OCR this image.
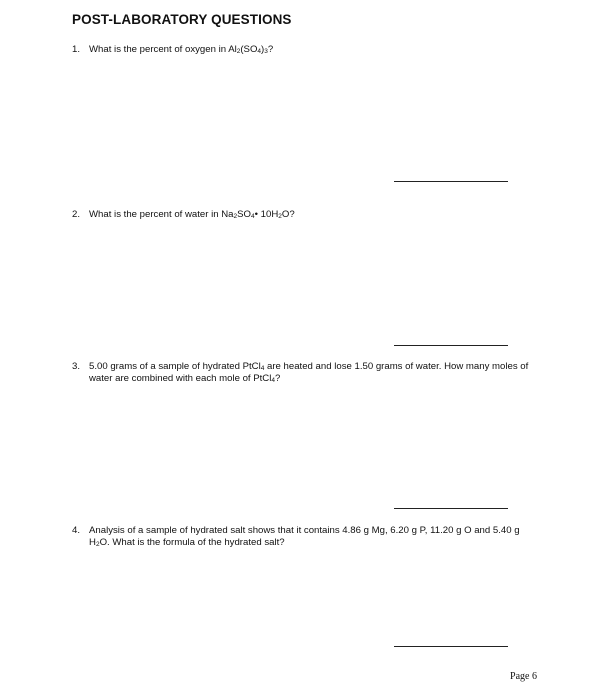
POST-LABORATORY QUESTIONS
1. What is the percent of oxygen in $Al_2(SO_4)_3$?
2. What is the percent of water in $Na_2SO_4•$ $10H_2O$?
3. 5.00 grams of a sample of hydrated PtCl$_4$ are heated and lose 1.50 grams of water. How many moles of water are combined with each mole of PtCl$_4$?
4. Analysis of a sample of hydrated salt shows that it contains 4.86 g Mg, 6.20 g P, 11.20 g O and 5.40 g $H_2O$. What is the formula of the hydrated salt?
Page 6
